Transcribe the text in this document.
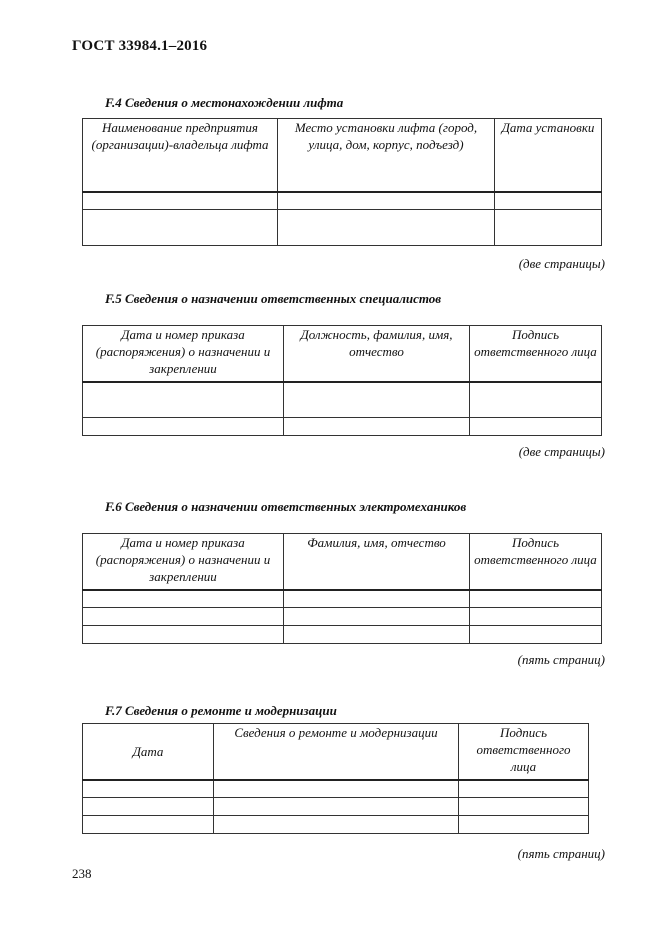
ГОСТ 33984.1–2016
F.4 Сведения о местонахождении лифта
Наименование предприятия (организации)-владельца лифта	Место установки лифта (город, улица, дом, корпус, подъезд)	Дата установки

(две страницы)
F.5 Сведения о назначении ответственных специалистов
Дата и номер приказа (распоряжения) о назначении и закреплении	Должность, фамилия, имя, отчество	Подпись ответственного лица

(две страницы)
F.6 Сведения о назначении ответственных электромехаников
Дата и номер приказа (распоряжения) о назначении и закреплении	Фамилия, имя, отчество	Подпись ответственного лица

(пять страниц)
F.7 Сведения о ремонте и модернизации
Дата	Сведения о ремонте и модернизации	Подпись ответственного лица

(пять страниц)
238
